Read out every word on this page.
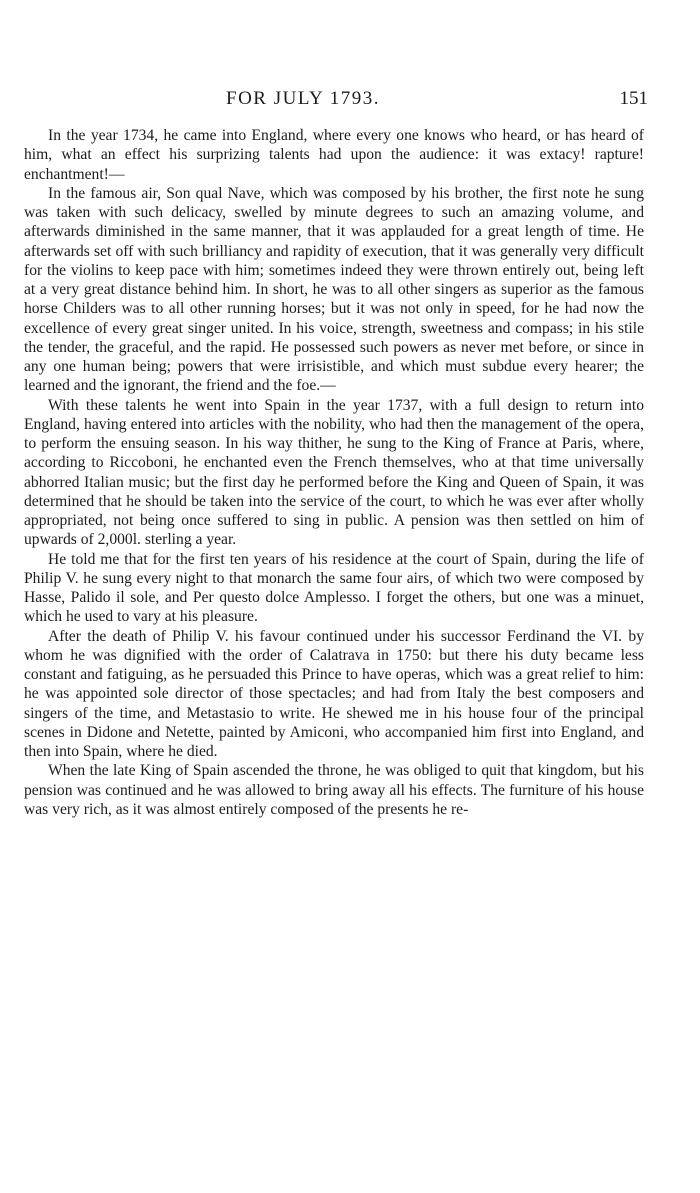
FOR JULY 1793.	151

In the year 1734, he came into England, where every one knows who heard, or has heard of him, what an effect his surprizing talents had upon the audience: it was extacy! rapture! enchantment!—

In the famous air, Son qual Nave, which was composed by his brother, the first note he sung was taken with such delicacy, swelled by minute degrees to such an amazing volume, and afterwards diminished in the same manner, that it was applauded for a great length of time. He afterwards set off with such brilliancy and rapidity of execution, that it was generally very difficult for the violins to keep pace with him; sometimes indeed they were thrown entirely out, being left at a very great distance behind him. In short, he was to all other singers as superior as the famous horse Childers was to all other running horses; but it was not only in speed, for he had now the excellence of every great singer united. In his voice, strength, sweetness and compass; in his stile the tender, the graceful, and the rapid. He possessed such powers as never met before, or since in any one human being; powers that were irrisistible, and which must subdue every hearer; the learned and the ignorant, the friend and the foe.—

With these talents he went into Spain in the year 1737, with a full design to return into England, having entered into articles with the nobility, who had then the management of the opera, to perform the ensuing season. In his way thither, he sung to the King of France at Paris, where, according to Riccoboni, he enchanted even the French themselves, who at that time universally abhorred Italian music; but the first day he performed before the King and Queen of Spain, it was determined that he should be taken into the service of the court, to which he was ever after wholly appropriated, not being once suffered to sing in public. A pension was then settled on him of upwards of 2,000l. sterling a year.

He told me that for the first ten years of his residence at the court of Spain, during the life of Philip V. he sung every night to that monarch the same four airs, of which two were composed by Hasse, Palido il sole, and Per questo dolce Amplesso. I forget the others, but one was a minuet, which he used to vary at his pleasure.

After the death of Philip V. his favour continued under his successor Ferdinand the VI. by whom he was dignified with the order of Calatrava in 1750: but there his duty became less constant and fatiguing, as he persuaded this Prince to have operas, which was a great relief to him: he was appointed sole director of those spectacles; and had from Italy the best composers and singers of the time, and Metastasio to write. He shewed me in his house four of the principal scenes in Didone and Netette, painted by Amiconi, who accompanied him first into England, and then into Spain, where he died.

When the late King of Spain ascended the throne, he was obliged to quit that kingdom, but his pension was continued and he was allowed to bring away all his effects. The furniture of his house was very rich, as it was almost entirely composed of the presents he re-
